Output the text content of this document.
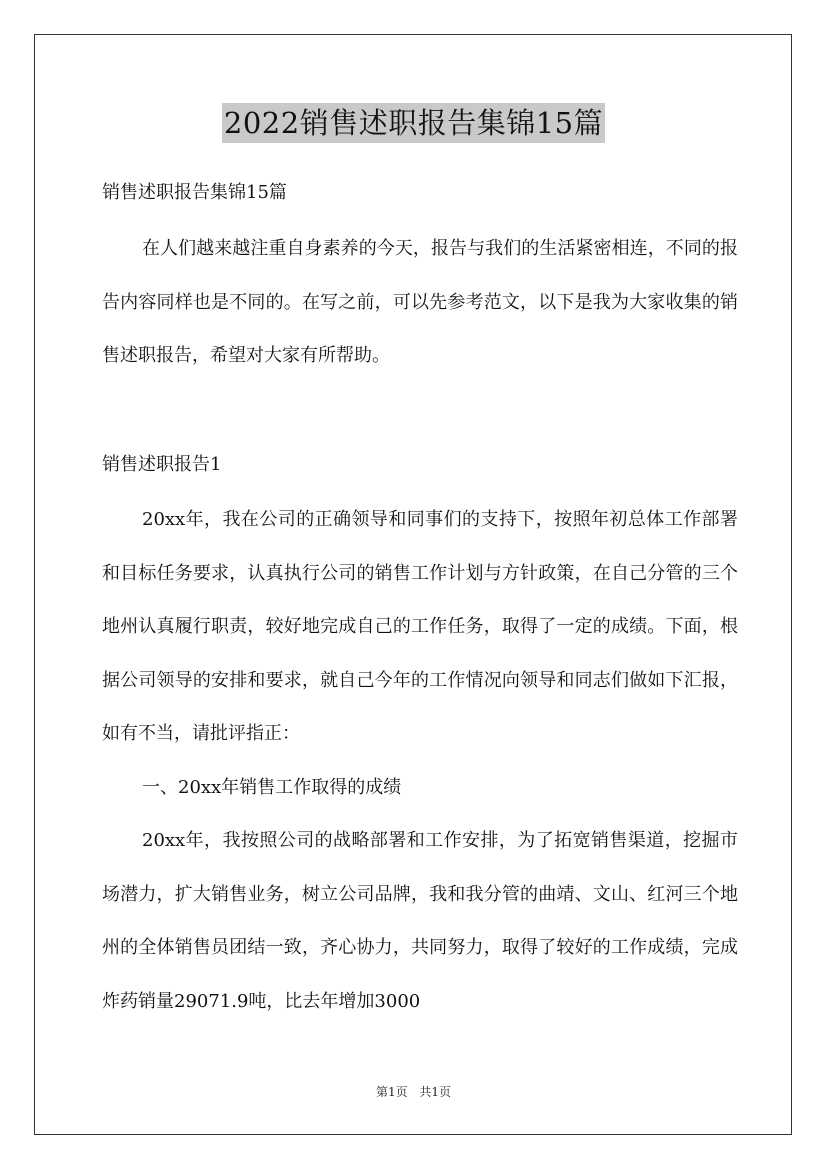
2022销售述职报告集锦15篇
销售述职报告集锦15篇
在人们越来越注重自身素养的今天，报告与我们的生活紧密相连，不同的报告内容同样也是不同的。在写之前，可以先参考范文，以下是我为大家收集的销售述职报告，希望对大家有所帮助。
销售述职报告1
20xx年，我在公司的正确领导和同事们的支持下，按照年初总体工作部署和目标任务要求，认真执行公司的销售工作计划与方针政策，在自己分管的三个地州认真履行职责，较好地完成自己的工作任务，取得了一定的成绩。下面，根据公司领导的安排和要求，就自己今年的工作情况向领导和同志们做如下汇报，如有不当，请批评指正：
一、20xx年销售工作取得的成绩
20xx年，我按照公司的战略部署和工作安排，为了拓宽销售渠道，挖掘市场潜力，扩大销售业务，树立公司品牌，我和我分管的曲靖、文山、红河三个地州的全体销售员团结一致，齐心协力，共同努力，取得了较好的工作成绩，完成炸药销量29071.9吨，比去年增加3000
第1页 共1页
